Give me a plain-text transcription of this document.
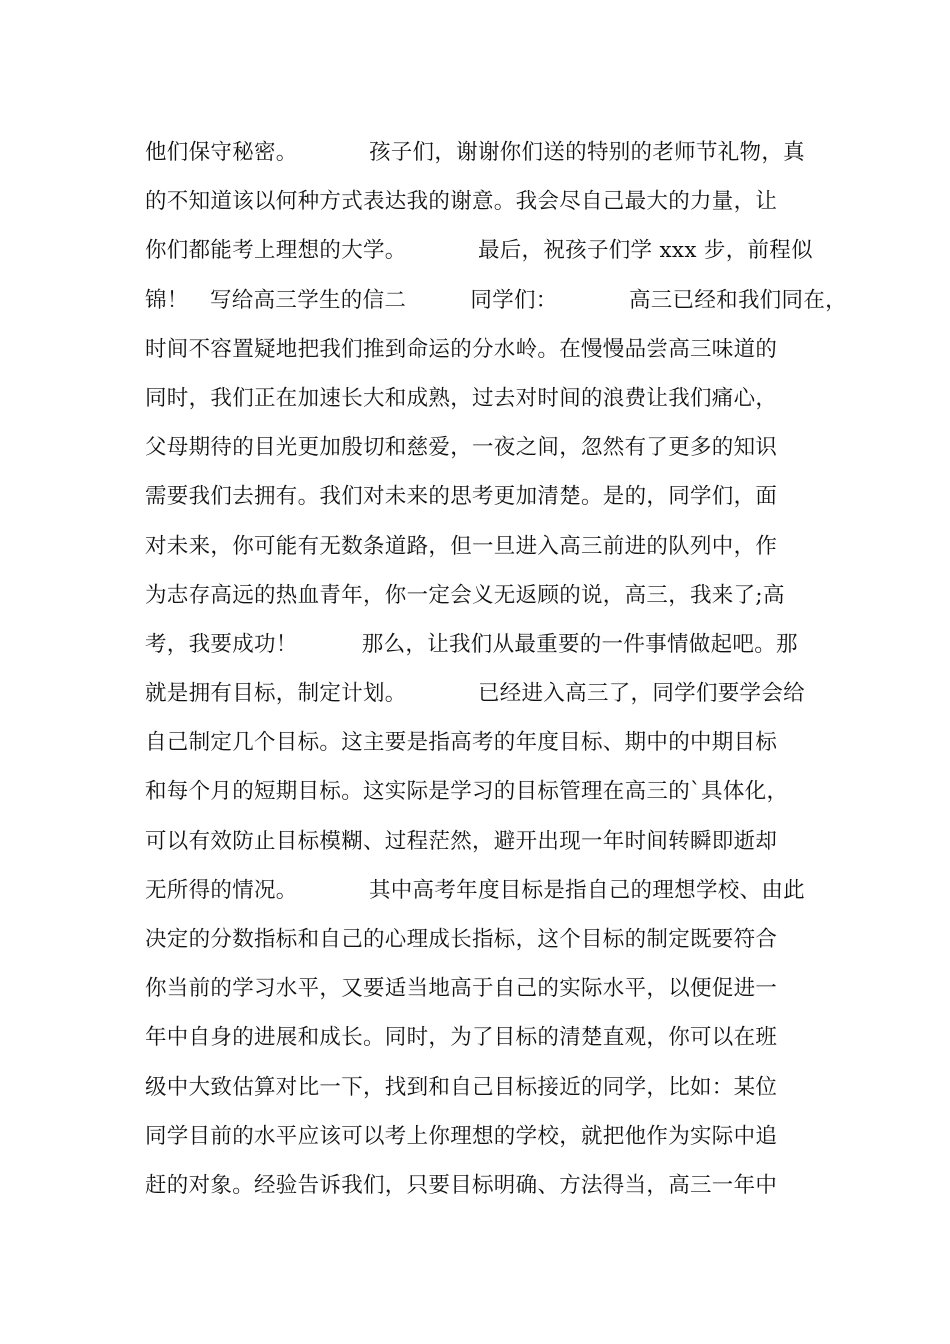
他们保守秘密。          孩子们，谢谢你们送的特别的老师节礼物，真
的不知道该以何种方式表达我的谢意。我会尽自己最大的力量，让
你们都能考上理想的大学。          最后，祝孩子们学 xxx 步，前程似
锦！   写给高三学生的信二         同学们：          高三已经和我们同在，
时间不容置疑地把我们推到命运的分水岭。在慢慢品尝高三味道的
同时，我们正在加速长大和成熟，过去对时间的浪费让我们痛心，
父母期待的目光更加殷切和慈爱，一夜之间，忽然有了更多的知识
需要我们去拥有。我们对未来的思考更加清楚。是的，同学们，面
对未来，你可能有无数条道路，但一旦进入高三前进的队列中，作
为志存高远的热血青年，你一定会义无返顾的说，高三，我来了;高
考，我要成功！         那么，让我们从最重要的一件事情做起吧。那
就是拥有目标，制定计划。          已经进入高三了，同学们要学会给
自己制定几个目标。这主要是指高考的年度目标、期中的中期目标
和每个月的短期目标。这实际是学习的目标管理在高三的`具体化，
可以有效防止目标模糊、过程茫然，避开出现一年时间转瞬即逝却
无所得的情况。          其中高考年度目标是指自己的理想学校、由此
决定的分数指标和自己的心理成长指标，这个目标的制定既要符合
你当前的学习水平，又要适当地高于自己的实际水平，以便促进一
年中自身的进展和成长。同时，为了目标的清楚直观，你可以在班
级中大致估算对比一下，找到和自己目标接近的同学，比如：某位
同学目前的水平应该可以考上你理想的学校，就把他作为实际中追
赶的对象。经验告诉我们，只要目标明确、方法得当，高三一年中
